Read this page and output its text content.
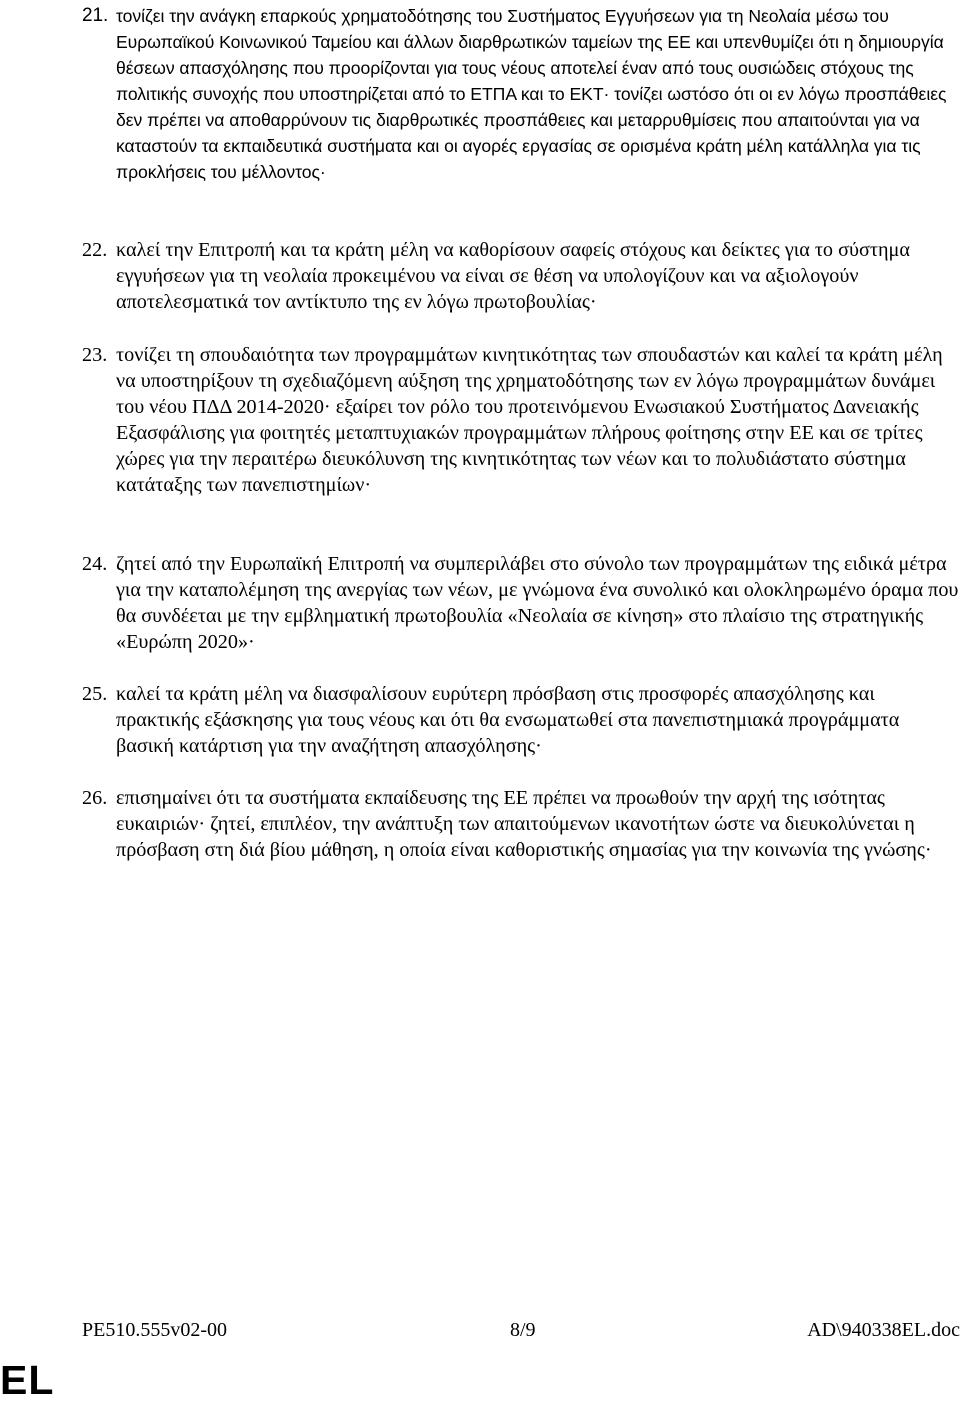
21. τονίζει την ανάγκη επαρκούς χρηματοδότησης του Συστήματος Εγγυήσεων για τη Νεολαία μέσω του Ευρωπαϊκού Κοινωνικού Ταμείου και άλλων διαρθρωτικών ταμείων της ΕΕ και υπενθυμίζει ότι η δημιουργία θέσεων απασχόλησης που προορίζονται για τους νέους αποτελεί έναν από τους ουσιώδεις στόχους της πολιτικής συνοχής που υποστηρίζεται από το ΕΤΠΑ και το ΕΚΤ· τονίζει ωστόσο ότι οι εν λόγω προσπάθειες δεν πρέπει να αποθαρρύνουν τις διαρθρωτικές προσπάθειες και μεταρρυθμίσεις που απαιτούνται για να καταστούν τα εκπαιδευτικά συστήματα και οι αγορές εργασίας σε ορισμένα κράτη μέλη κατάλληλα για τις προκλήσεις του μέλλοντος·
22. καλεί την Επιτροπή και τα κράτη μέλη να καθορίσουν σαφείς στόχους και δείκτες για το σύστημα εγγυήσεων για τη νεολαία προκειμένου να είναι σε θέση να υπολογίζουν και να αξιολογούν αποτελεσματικά τον αντίκτυπο της εν λόγω πρωτοβουλίας·
23. τονίζει τη σπουδαιότητα των προγραμμάτων κινητικότητας των σπουδαστών και καλεί τα κράτη μέλη να υποστηρίξουν τη σχεδιαζόμενη αύξηση της χρηματοδότησης των εν λόγω προγραμμάτων δυνάμει του νέου ΠΔΔ 2014-2020· εξαίρει τον ρόλο του προτεινόμενου Ενωσιακού Συστήματος Δανειακής Εξασφάλισης για φοιτητές μεταπτυχιακών προγραμμάτων πλήρους φοίτησης στην ΕΕ και σε τρίτες χώρες για την περαιτέρω διευκόλυνση της κινητικότητας των νέων και το πολυδιάστατο σύστημα κατάταξης των πανεπιστημίων·
24. ζητεί από την Ευρωπαϊκή Επιτροπή να συμπεριλάβει στο σύνολο των προγραμμάτων της ειδικά μέτρα για την καταπολέμηση της ανεργίας των νέων, με γνώμονα ένα συνολικό και ολοκληρωμένο όραμα που θα συνδέεται με την εμβληματική πρωτοβουλία «Νεολαία σε κίνηση» στο πλαίσιο της στρατηγικής «Ευρώπη 2020»·
25. καλεί τα κράτη μέλη να διασφαλίσουν ευρύτερη πρόσβαση στις προσφορές απασχόλησης και πρακτικής εξάσκησης για τους νέους και ότι θα ενσωματωθεί στα πανεπιστημιακά προγράμματα βασική κατάρτιση για την αναζήτηση απασχόλησης·
26. επισημαίνει ότι τα συστήματα εκπαίδευσης της ΕΕ πρέπει να προωθούν την αρχή της ισότητας ευκαιριών· ζητεί, επιπλέον, την ανάπτυξη των απαιτούμενων ικανοτήτων ώστε να διευκολύνεται η πρόσβαση στη διά βίου μάθηση, η οποία είναι καθοριστικής σημασίας για την κοινωνία της γνώσης·
PE510.555v02-00	8/9	AD\940338EL.doc
EL
